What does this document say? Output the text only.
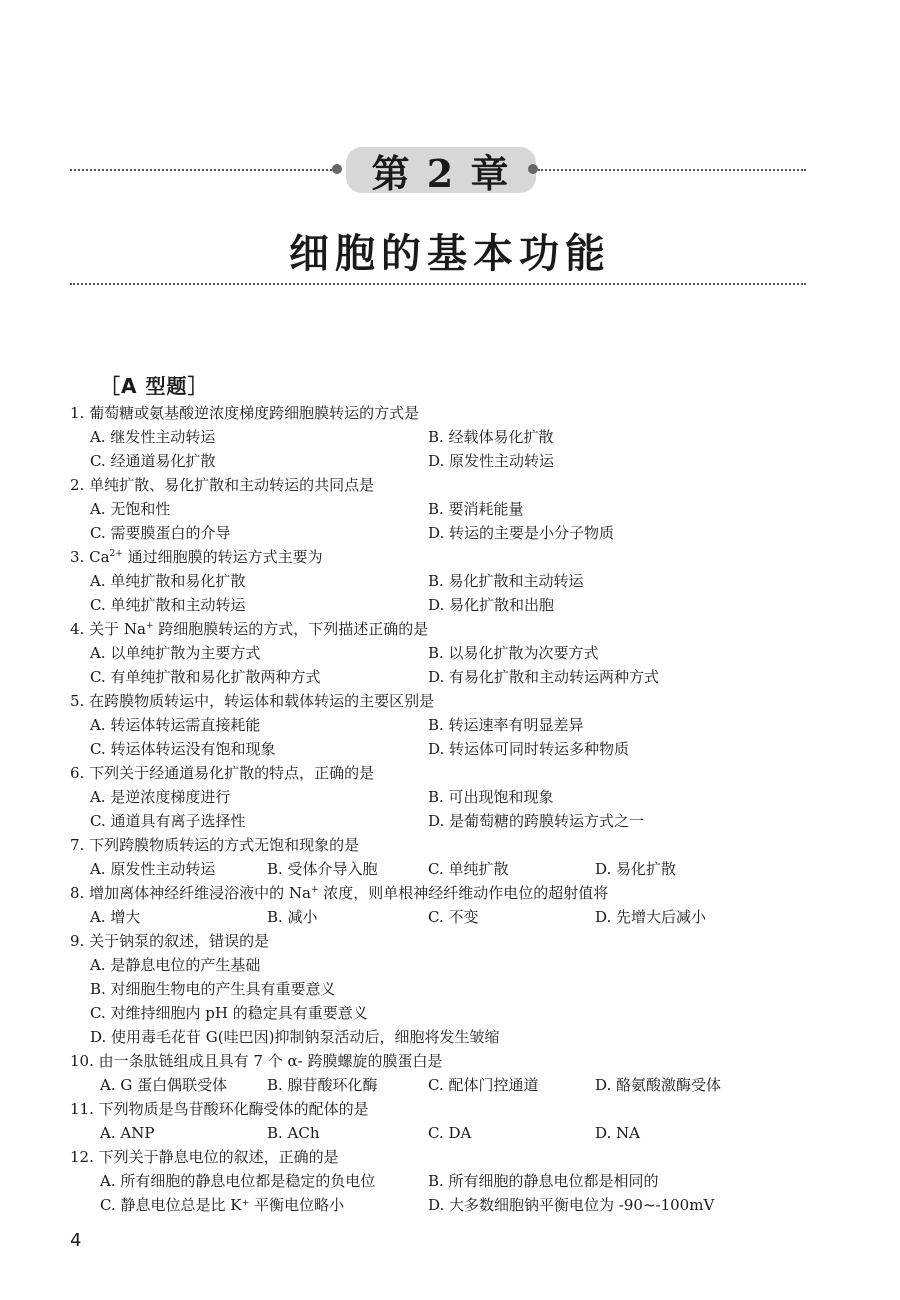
第 2 章
细胞的基本功能
［A 型题］
1. 葡萄糖或氨基酸逆浓度梯度跨细胞膜转运的方式是
A. 继发性主动转运	B. 经载体易化扩散
C. 经通道易化扩散	D. 原发性主动转运
2. 单纯扩散、易化扩散和主动转运的共同点是
A. 无饱和性	B. 要消耗能量
C. 需要膜蛋白的介导	D. 转运的主要是小分子物质
3. $Ca^{2+}$ 通过细胞膜的转运方式主要为
A. 单纯扩散和易化扩散	B. 易化扩散和主动转运
C. 单纯扩散和主动转运	D. 易化扩散和出胞
4. 关于 Na+ 跨细胞膜转运的方式，下列描述正确的是
A. 以单纯扩散为主要方式	B. 以易化扩散为次要方式
C. 有单纯扩散和易化扩散两种方式	D. 有易化扩散和主动转运两种方式
5. 在跨膜物质转运中，转运体和载体转运的主要区别是
A. 转运体转运需直接耗能	B. 转运速率有明显差异
C. 转运体转运没有饱和现象	D. 转运体可同时转运多种物质
6. 下列关于经通道易化扩散的特点，正确的是
A. 是逆浓度梯度进行	B. 可出现饱和现象
C. 通道具有离子选择性	D. 是葡萄糖的跨膜转运方式之一
7. 下列跨膜物质转运的方式无饱和现象的是
A. 原发性主动转运	B. 受体介导入胞	C. 单纯扩散	D. 易化扩散
8. 增加离体神经纤维浸浴液中的 Na+ 浓度，则单根神经纤维动作电位的超射值将
A. 增大	B. 减小	C. 不变	D. 先增大后减小
9. 关于钠泵的叙述，错误的是
A. 是静息电位的产生基础
B. 对细胞生物电的产生具有重要意义
C. 对维持细胞内 pH 的稳定具有重要意义
D. 使用毒毛花苷 G(哇巴因)抑制钠泵活动后，细胞将发生皱缩
10. 由一条肽链组成且具有 7 个 α- 跨膜螺旋的膜蛋白是
A. G 蛋白偶联受体	B. 腺苷酸环化酶	C. 配体门控通道	D. 酪氨酸激酶受体
11. 下列物质是鸟苷酸环化酶受体的配体的是
A. ANP	B. ACh	C. DA	D. NA
12. 下列关于静息电位的叙述，正确的是
A. 所有细胞的静息电位都是稳定的负电位	B. 所有细胞的静息电位都是相同的
C. 静息电位总是比 K⁺ 平衡电位略小	D. 大多数细胞钠平衡电位为 -90~-100mV
4
